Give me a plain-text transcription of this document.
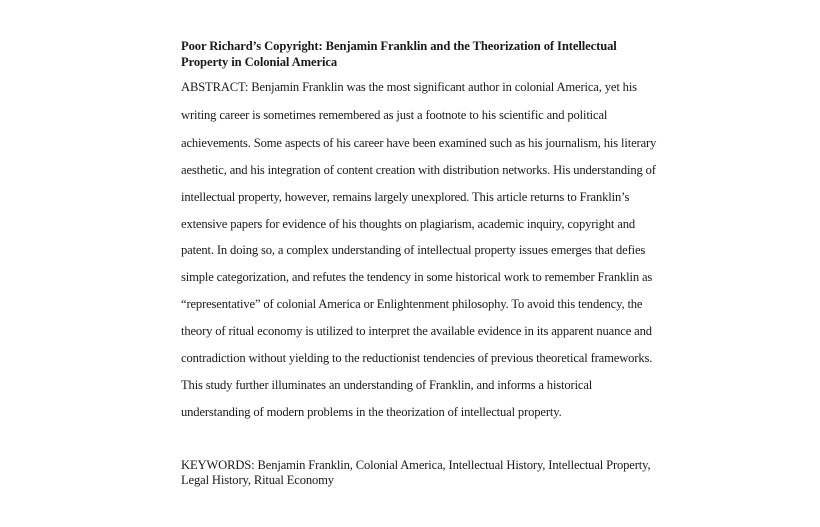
Poor Richard’s Copyright: Benjamin Franklin and the Theorization of Intellectual
Property in Colonial America
ABSTRACT: Benjamin Franklin was the most significant author in colonial America, yet his
writing career is sometimes remembered as just a footnote to his scientific and political
achievements. Some aspects of his career have been examined such as his journalism, his literary
aesthetic, and his integration of content creation with distribution networks. His understanding of
intellectual property, however, remains largely unexplored. This article returns to Franklin’s
extensive papers for evidence of his thoughts on plagiarism, academic inquiry, copyright and
patent. In doing so, a complex understanding of intellectual property issues emerges that defies
simple categorization, and refutes the tendency in some historical work to remember Franklin as
“representative” of colonial America or Enlightenment philosophy. To avoid this tendency, the
theory of ritual economy is utilized to interpret the available evidence in its apparent nuance and
contradiction without yielding to the reductionist tendencies of previous theoretical frameworks.
This study further illuminates an understanding of Franklin, and informs a historical
understanding of modern problems in the theorization of intellectual property.
KEYWORDS: Benjamin Franklin, Colonial America, Intellectual History, Intellectual Property,
Legal History, Ritual Economy
